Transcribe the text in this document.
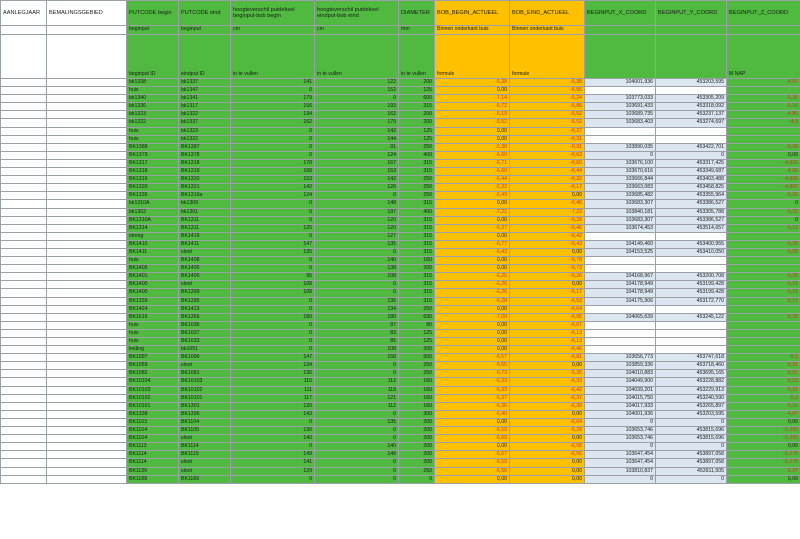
AANLEGJAAR	BEMALINGSGEBIED	PUTCODE begin	PUTCODE eind	hoogteverschil putdeksel beginput-bob begin	hoogteverschil putdeksel eindput-bob eind	DIAMETER	BOB_BEGIN_ACTUEEL	BOB_EIND_ACTUEEL	BEGINPUT_X_COORD	BEGINPUT_Y_COORD	BEGINPUT_Z_COORD
		beginput	beginput	cm	cm	mm	Binnen onderkant buis	Binnen onderkant buis			
		beginput ID	eindput ID	in te vullen	in te vullen	in te vullen	formule	formule			M NAP
		bk1338	bk1337	141	122	200	-6,38	-6,38	104001,936	453203,595	-4,97
		huis	bk1347	0	152	125	0,00	-6,56			
		bk1340	bk1341	179	0	600	-7,14	-5,24	103773,033	453305,209	-5,35
		bk1336	bk1317	156	193	315	-6,72	-6,86	103691,433	453318,092	-5,16
		bk1323	bk1322	134	162	200	-6,19	-6,52	103689,735	453237,137	-4,85
		bk1322	bk1337	162	179	200	-6,52	-6,52	103683,403	453274,697	-4,9
		huis	bk1323	0	142	125	0,00	-6,27			
		huis	bk1322	0	144	125	0,00	-6,31			
		BK1388	BK1387	0	91	250	-5,38	-0,91	103890,035	453422,701	-5,38
		BK1379	BK1378	0	124	400	-6,60	-6,63	0	0	0,00
		BK1317	BK1318	178	167	315	-6,71	-6,60	103676,100	453317,425	-4,925
		BK1318	BK1319	168	153	315	-6,60	-6,44	103670,616	453349,687	-4,92
		BK1319	BK1320	153	142	250	-6,44	-6,32	103666,844	453403,488	-4,906
		BK1320	BK1321	142	126	250	-6,32	-6,17	103663,083	453458,825	-4,897
		BK1335	BK1310a	124	0	250	-6,49	0,00	103685,482	453355,964	-5,25
		bk1310A	bk1309	0	148	315	0,00	-6,46	103683,307	453386,527	0
		bk1302	bk1301	0	197	400	-7,22	-7,23	103840,181	453305,788	-5,22
		BK1310A	BK1311	0	120	315	0,00	-6,28	103683,307	453386,527	0
		BK1314	BK1311	125	120	315	-6,37	-6,46	103674,453	453514,657	-5,12
		streng	BK1419	0	127	315	0,00	-6,42			
		BK1410	BK1411	147	135	315	-6,77	-6,43	104149,460	453400,955	-5,28
		BK1411	sloot	135	0	315	-6,43	0,00	104153,525	453410,050	-5,08
		huis	BK1408	0	140	160	0,00	-6,78			
		BK1405	BK1405	0	138	200	0,00	-6,73			
		BK1401	BK1400	95	108	315	-6,25	-6,26	104168,967	453200,708	-5,30
		BK1400	sloot	108	0	315	-6,26	0,00	104178,949	453199,428	-5,18
		BK1400	BK1399	108	0	315	-6,26	-5,17	104178,949	453199,428	-5,18
		BK1339	BK1395	0	136	315	-6,28	-6,53	104175,906	453172,770	-5,17
		BK1424	BK1423	0	134	250	0,00	-6,64			
		BK1616	BK1366	180	180	630	-7,08	-6,95	104065,639	453245,122	-5,28
		huis	BK1036	0	97	80	0,00	-6,07			
		huis	BK1037	0	83	125	0,00	-6,13			
		huis	BK1033	0	85	125	0,00	-6,13			
		leiding	bk1051	0	108	200	0,00	-6,46			
		BK1097	BK1096	147	158	500	-6,57	-6,81	103656,773	453747,618	-5,1
		BK1059	sloot	134	0	250	-6,65	0,00	103859,336	453718,460	-5,31
		BK1082	BK1081	136	0	250	-6,73	-5,35	104010,883	453695,165	-5,37
		BK10104	BK10103	110	112	160	-6,33	-6,33	104049,900	453228,882	-5,23
		BK10103	BK10102	111	118	160	-6,33	-6,42	104039,201	453229,913	-5,21
		BK10102	BK10101	117	121	160	-6,37	-6,37	104015,750	453240,590	-5,2
		BK10101	BK1301	120	112	160	-6,36	-6,39	104017,933	453265,897	-5,16
		BK1338	BK1396	143	0	300	-6,40	0,00	104001,936	453203,595	-4,97
		BK1103	BK1104	0	135	200	0,00	-6,64	0	0	0,00
		BK1104	BK1105	130	0	200	-6,59	-5,29	103653,746	453815,696	-5,293
		BK1104	sloot	140	0	200	-6,69	0,00	103653,746	453815,696	-5,293
		BK1113	BK1114	0	140	200	0,00	-6,58	0	0	0,00
		BK1114	BK1115	149	148	200	-6,67	-6,56	103647,454	453897,058	-5,178
		BK1114	sloot	141	0	200	-6,59	0,00	103647,454	453897,058	-5,178
		BK1136	sloot	129	0	250	-6,56	0,00	103810,837	453911,505	-5,27
		BK1188	BK1189	0	0	0	0,00	0,00	0	0	0,00
